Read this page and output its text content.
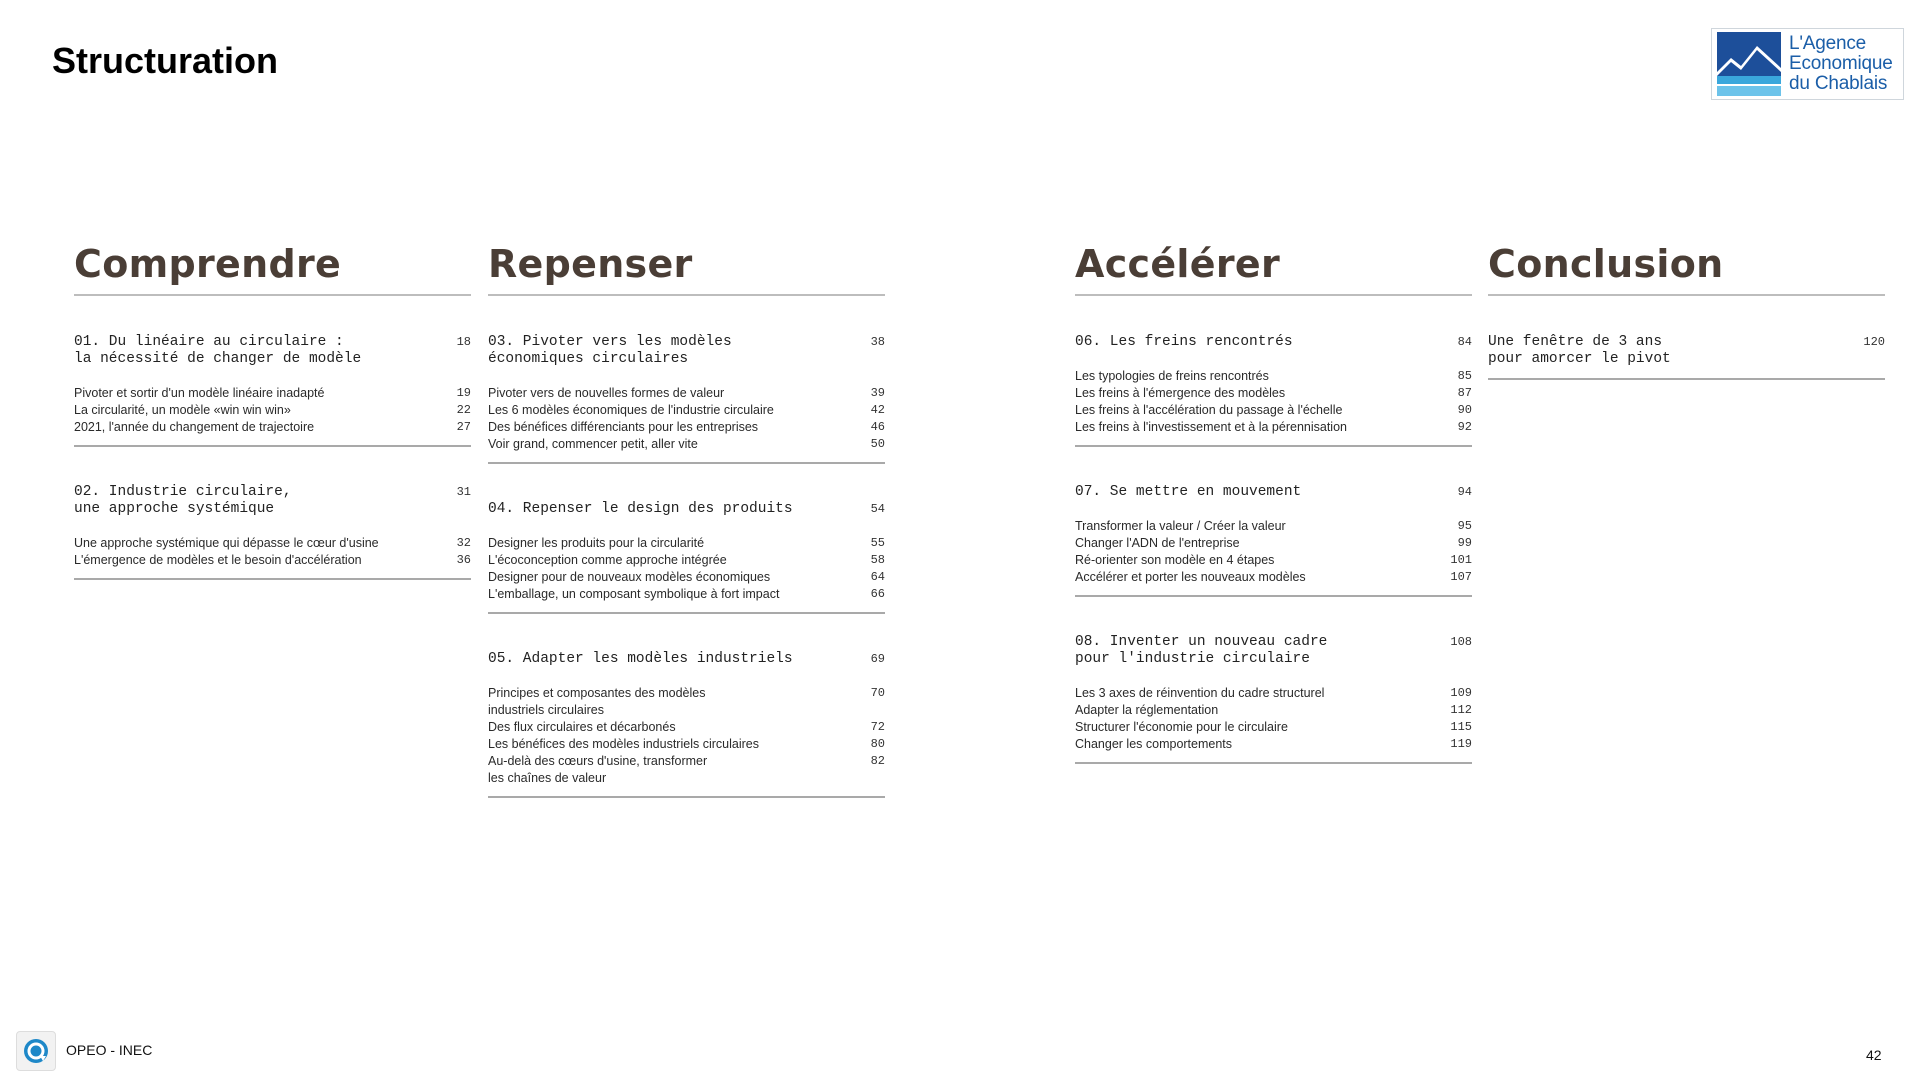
Structuration	L'Agence
Economique
du Chablais
Comprendre
01. Du linéaire au circulaire :
la nécessité de changer de modèle
18
Pivoter et sortir d'un modèle linéaire inadapté	19
La circularité, un modèle «win win win»	22
2021, l'année du changement de trajectoire	27
02. Industrie circulaire,
une approche systémique
31
Une approche systémique qui dépasse le cœur d'usine	32
L'émergence de modèles et le besoin d'accélération	36
Repenser
03. Pivoter vers les modèles
économiques circulaires
38
Pivoter vers de nouvelles formes de valeur	39
Les 6 modèles économiques de l'industrie circulaire	42
Des bénéfices différenciants pour les entreprises	46
Voir grand, commencer petit, aller vite	50
04. Repenser le design des produits	54
Designer les produits pour la circularité	55
L'écoconception comme approche intégrée	58
Designer pour de nouveaux modèles économiques	64
L'emballage, un composant symbolique à fort impact	66
05. Adapter les modèles industriels	69
Principes et composantes des modèles
industriels circulaires
70
Des flux circulaires et décarbonés	72
Les bénéfices des modèles industriels circulaires	80
Au-delà des cœurs d'usine, transformer
les chaînes de valeur
82
Accélérer
06. Les freins rencontrés	84
Les typologies de freins rencontrés	85
Les freins à l'émergence des modèles	87
Les freins à l'accélération du passage à l'échelle	90
Les freins à l'investissement et à la pérennisation	92
07. Se mettre en mouvement	94
Transformer la valeur / Créer la valeur	95
Changer l'ADN de l'entreprise	99
Ré-orienter son modèle en 4 étapes	101
Accélérer et porter les nouveaux modèles	107
08. Inventer un nouveau cadre
pour l'industrie circulaire
108
Les 3 axes de réinvention du cadre structurel	109
Adapter la réglementation	112
Structurer l'économie pour le circulaire	115
Changer les comportements	119
Conclusion
Une fenêtre de 3 ans
pour amorcer le pivot
120
OPEO - INEC	42
